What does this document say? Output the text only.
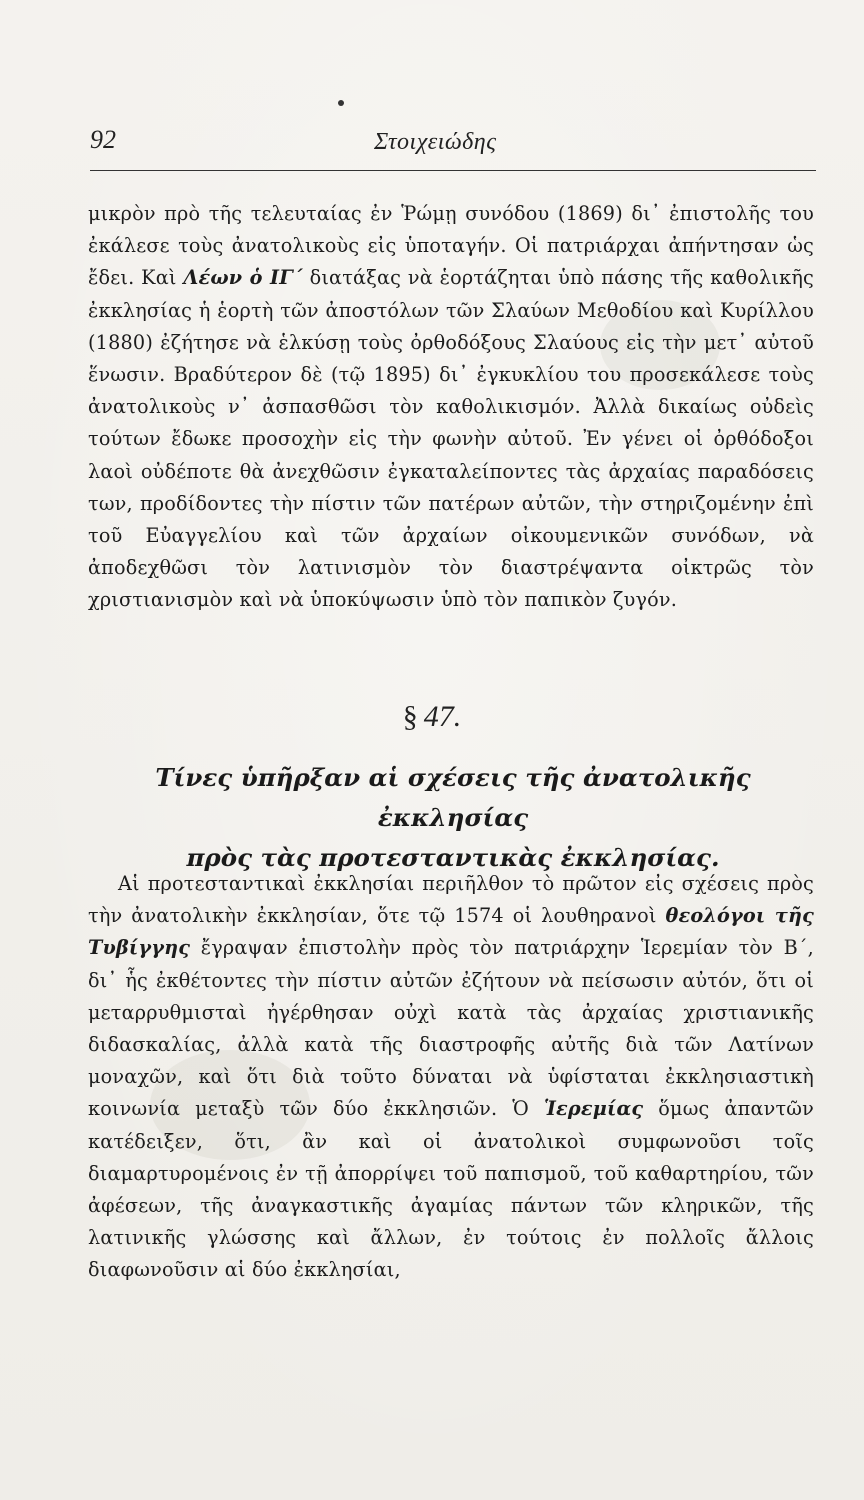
92	Στοιχειώδης
μικρὸν πρὸ τῆς τελευταίας ἐν Ῥώμῃ συνόδου (1869) δι᾽ ἐπιστολῆς του ἐκάλεσε τοὺς ἀνατολικοὺς εἰς ὑποταγήν. Οἱ πατριάρχαι ἀπήντησαν ὡς ἔδει. Καὶ Λέων ὁ ΙΓ΄ διατάξας νὰ ἑορτάζηται ὑπὸ πάσης τῆς καθολικῆς ἐκκλησίας ἡ ἑορτὴ τῶν ἀποστόλων τῶν Σλαύων Μεθοδίου καὶ Κυρίλλου (1880) ἐζήτησε νὰ ἑλκύσῃ τοὺς ὀρθοδόξους Σλαύους εἰς τὴν μετ᾽ αὐτοῦ ἕνωσιν. Βραδύτερον δὲ (τῷ 1895) δι᾽ ἐγκυκλίου του προσεκάλεσε τοὺς ἀνατολικοὺς ν᾽ ἀσπασθῶσι τὸν καθολικισμόν. Ἀλλὰ δικαίως οὐδεὶς τούτων ἔδωκε προσοχὴν εἰς τὴν φωνὴν αὐτοῦ. Ἐν γένει οἱ ὀρθόδοξοι λαοὶ οὐδέποτε θὰ ἀνεχθῶσιν ἐγκαταλείποντες τὰς ἀρχαίας παραδόσεις των, προδίδοντες τὴν πίστιν τῶν πατέρων αὐτῶν, τὴν στηριζομένην ἐπὶ τοῦ Εὐαγγελίου καὶ τῶν ἀρχαίων οἰκουμενικῶν συνόδων, νὰ ἀποδεχθῶσι τὸν λατινισμὸν τὸν διαστρέψαντα οἰκτρῶς τὸν χριστιανισμὸν καὶ νὰ ὑποκύψωσιν ὑπὸ τὸν παπικὸν ζυγόν.
§ 47.
Τίνες ὑπῆρξαν αἱ σχέσεις τῆς ἀνατολικῆς ἐκκλησίας
πρὸς τὰς προτεσταντικὰς ἐκκλησίας.
Αἱ προτεσταντικαὶ ἐκκλησίαι περιῆλθον τὸ πρῶτον εἰς σχέσεις πρὸς τὴν ἀνατολικὴν ἐκκλησίαν, ὅτε τῷ 1574 οἱ λουθηρανοὶ θεολόγοι τῆς Τυβίγγης ἔγραψαν ἐπιστολὴν πρὸς τὸν πατριάρχην Ἱερεμίαν τὸν Β΄, δι᾽ ἧς ἐκθέτοντες τὴν πίστιν αὐτῶν ἐζήτουν νὰ πείσωσιν αὐτόν, ὅτι οἱ μεταρρυθμισταὶ ἠγέρθησαν οὐχὶ κατὰ τὰς ἀρχαίας χριστιανικῆς διδασκαλίας, ἀλλὰ κατὰ τῆς διαστροφῆς αὐτῆς διὰ τῶν Λατίνων μοναχῶν, καὶ ὅτι διὰ τοῦτο δύναται νὰ ὑφίσταται ἐκκλησιαστικὴ κοινωνία μεταξὺ τῶν δύο ἐκκλησιῶν. Ὁ Ἱερεμίας ὅμως ἀπαντῶν κατέδειξεν, ὅτι, ἂν καὶ οἱ ἀνατολικοὶ συμφωνοῦσι τοῖς διαμαρτυρομένοις ἐν τῇ ἀπορρίψει τοῦ παπισμοῦ, τοῦ καθαρτηρίου, τῶν ἀφέσεων, τῆς ἀναγκαστικῆς ἀγαμίας πάντων τῶν κληρικῶν, τῆς λατινικῆς γλώσσης καὶ ἄλλων, ἐν τούτοις ἐν πολλοῖς ἄλλοις διαφωνοῦσιν αἱ δύο ἐκκλησίαι,
